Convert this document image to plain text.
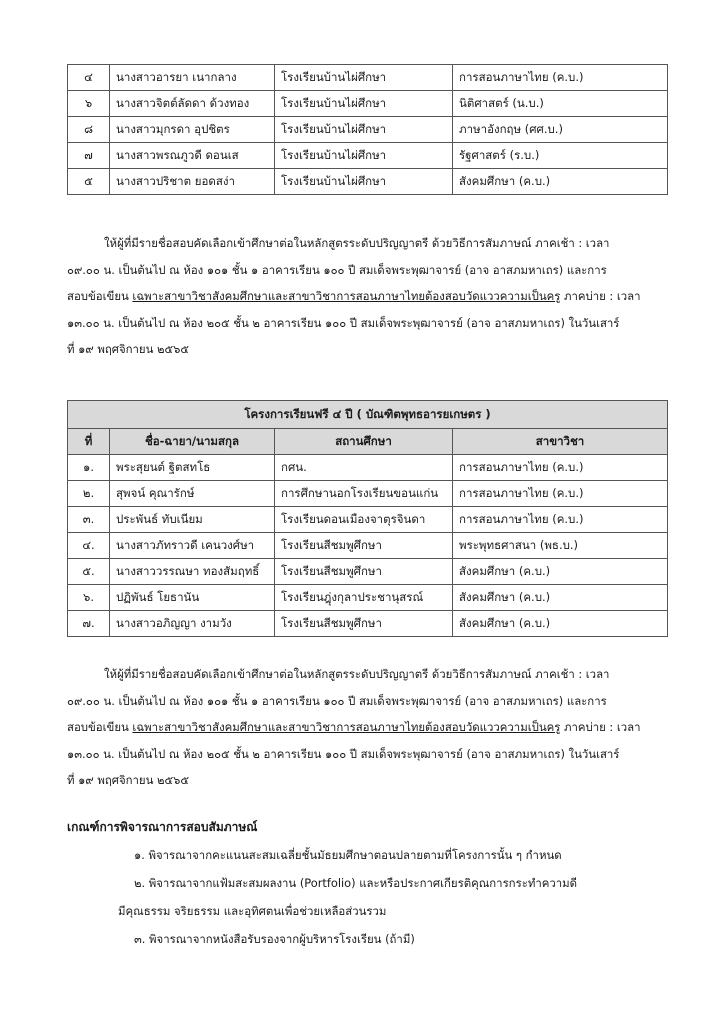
๔	นางสาวอารยา เนากลาง	โรงเรียนบ้านไผ่ศึกษา	การสอนภาษาไทย (ค.บ.)
๖	นางสาวจิตต์ลัดดา ด้วงทอง	โรงเรียนบ้านไผ่ศึกษา	นิติศาสตร์ (น.บ.)
๘	นางสาวมุกรดา อุปชิตร	โรงเรียนบ้านไผ่ศึกษา	ภาษาอังกฤษ (ศศ.บ.)
๗	นางสาวพรณภูวดี ดอนเส	โรงเรียนบ้านไผ่ศึกษา	รัฐศาสตร์ (ร.บ.)
๕	นางสาวปริชาต ยอดสง่า	โรงเรียนบ้านไผ่ศึกษา	สังคมศึกษา (ค.บ.)
ให้ผู้ที่มีรายชื่อสอบคัดเลือกเข้าศึกษาต่อในหลักสูตรระดับปริญญาตรี ด้วยวิธีการสัมภาษณ์ ภาคเช้า : เวลา
๐๙.๐๐ น. เป็นต้นไป ณ ห้อง ๑๐๑ ชั้น ๑ อาคารเรียน ๑๐๐ ปี สมเด็จพระพุฒาจารย์ (อาจ อาสภมหาเถร) และการ
สอบข้อเขียน เฉพาะสาขาวิชาสังคมศึกษาและสาขาวิชาการสอนภาษาไทยต้องสอบวัดแววความเป็นครู ภาคบ่าย : เวลา
๑๓.๐๐ น. เป็นต้นไป ณ ห้อง ๒๐๕ ชั้น ๒ อาคารเรียน ๑๐๐ ปี สมเด็จพระพุฒาจารย์ (อาจ อาสภมหาเถร) ในวันเสาร์
ที่ ๑๙ พฤศจิกายน ๒๕๖๕
โครงการเรียนฟรี ๔ ปี ( บัณฑิตพุทธอารยเกษตร )			
ที่	ชื่อ-ฉายา/นามสกุล	สถานศึกษา	สาขาวิชา
๑.	พระสุยนต์ ฐิตสทโธ	กศน.	การสอนภาษาไทย (ค.บ.)
๒.	สุพจน์ คุณารักษ์	การศึกษานอกโรงเรียนขอนแก่น	การสอนภาษาไทย (ค.บ.)
๓.	ประพันธ์ ทับเนียม	โรงเรียนดอนเมืองจาตุรจินดา	การสอนภาษาไทย (ค.บ.)
๔.	นางสาวภัทราวดี เคนวงศ์ษา	โรงเรียนสีชมพูศึกษา	พระพุทธศาสนา (พธ.บ.)
๕.	นางสาววรรณษา ทองสัมฤทธิ์	โรงเรียนสีชมพูศึกษา	สังคมศึกษา (ค.บ.)
๖.	ปฏิพันธ์ โยธานัน	โรงเรียนฎุ่งกุลาประชานุสรณ์	สังคมศึกษา (ค.บ.)
๗.	นางสาวอภิญญา งามวัง	โรงเรียนสีชมพูศึกษา	สังคมศึกษา (ค.บ.)
ให้ผู้ที่มีรายชื่อสอบคัดเลือกเข้าศึกษาต่อในหลักสูตรระดับปริญญาตรี ด้วยวิธีการสัมภาษณ์ ภาคเช้า : เวลา
๐๙.๐๐ น. เป็นต้นไป ณ ห้อง ๑๐๑ ชั้น ๑ อาคารเรียน ๑๐๐ ปี สมเด็จพระพุฒาจารย์ (อาจ อาสภมหาเถร) และการ
สอบข้อเขียน เฉพาะสาขาวิชาสังคมศึกษาและสาขาวิชาการสอนภาษาไทยต้องสอบวัดแววความเป็นครู ภาคบ่าย : เวลา
๑๓.๐๐ น. เป็นต้นไป ณ ห้อง ๒๐๕ ชั้น ๒ อาคารเรียน ๑๐๐ ปี สมเด็จพระพุฒาจารย์ (อาจ อาสภมหาเถร) ในวันเสาร์
ที่ ๑๙ พฤศจิกายน ๒๕๖๕

เกณฑ์การพิจารณาการสอบสัมภาษณ์

๑. พิจารณาจากคะแนนสะสมเฉลี่ยชั้นมัธยมศึกษาตอนปลายตามที่โครงการนั้น ๆ กำหนด

๒. พิจารณาจากแฟ้มสะสมผลงาน (Portfolio) และหรือประกาศเกียรติคุณการกระทำความดี

มีคุณธรรม จริยธรรม และอุทิศตนเพื่อช่วยเหลือส่วนรวม

๓. พิจารณาจากหนังสือรับรองจากผู้บริหารโรงเรียน (ถ้ามี)
